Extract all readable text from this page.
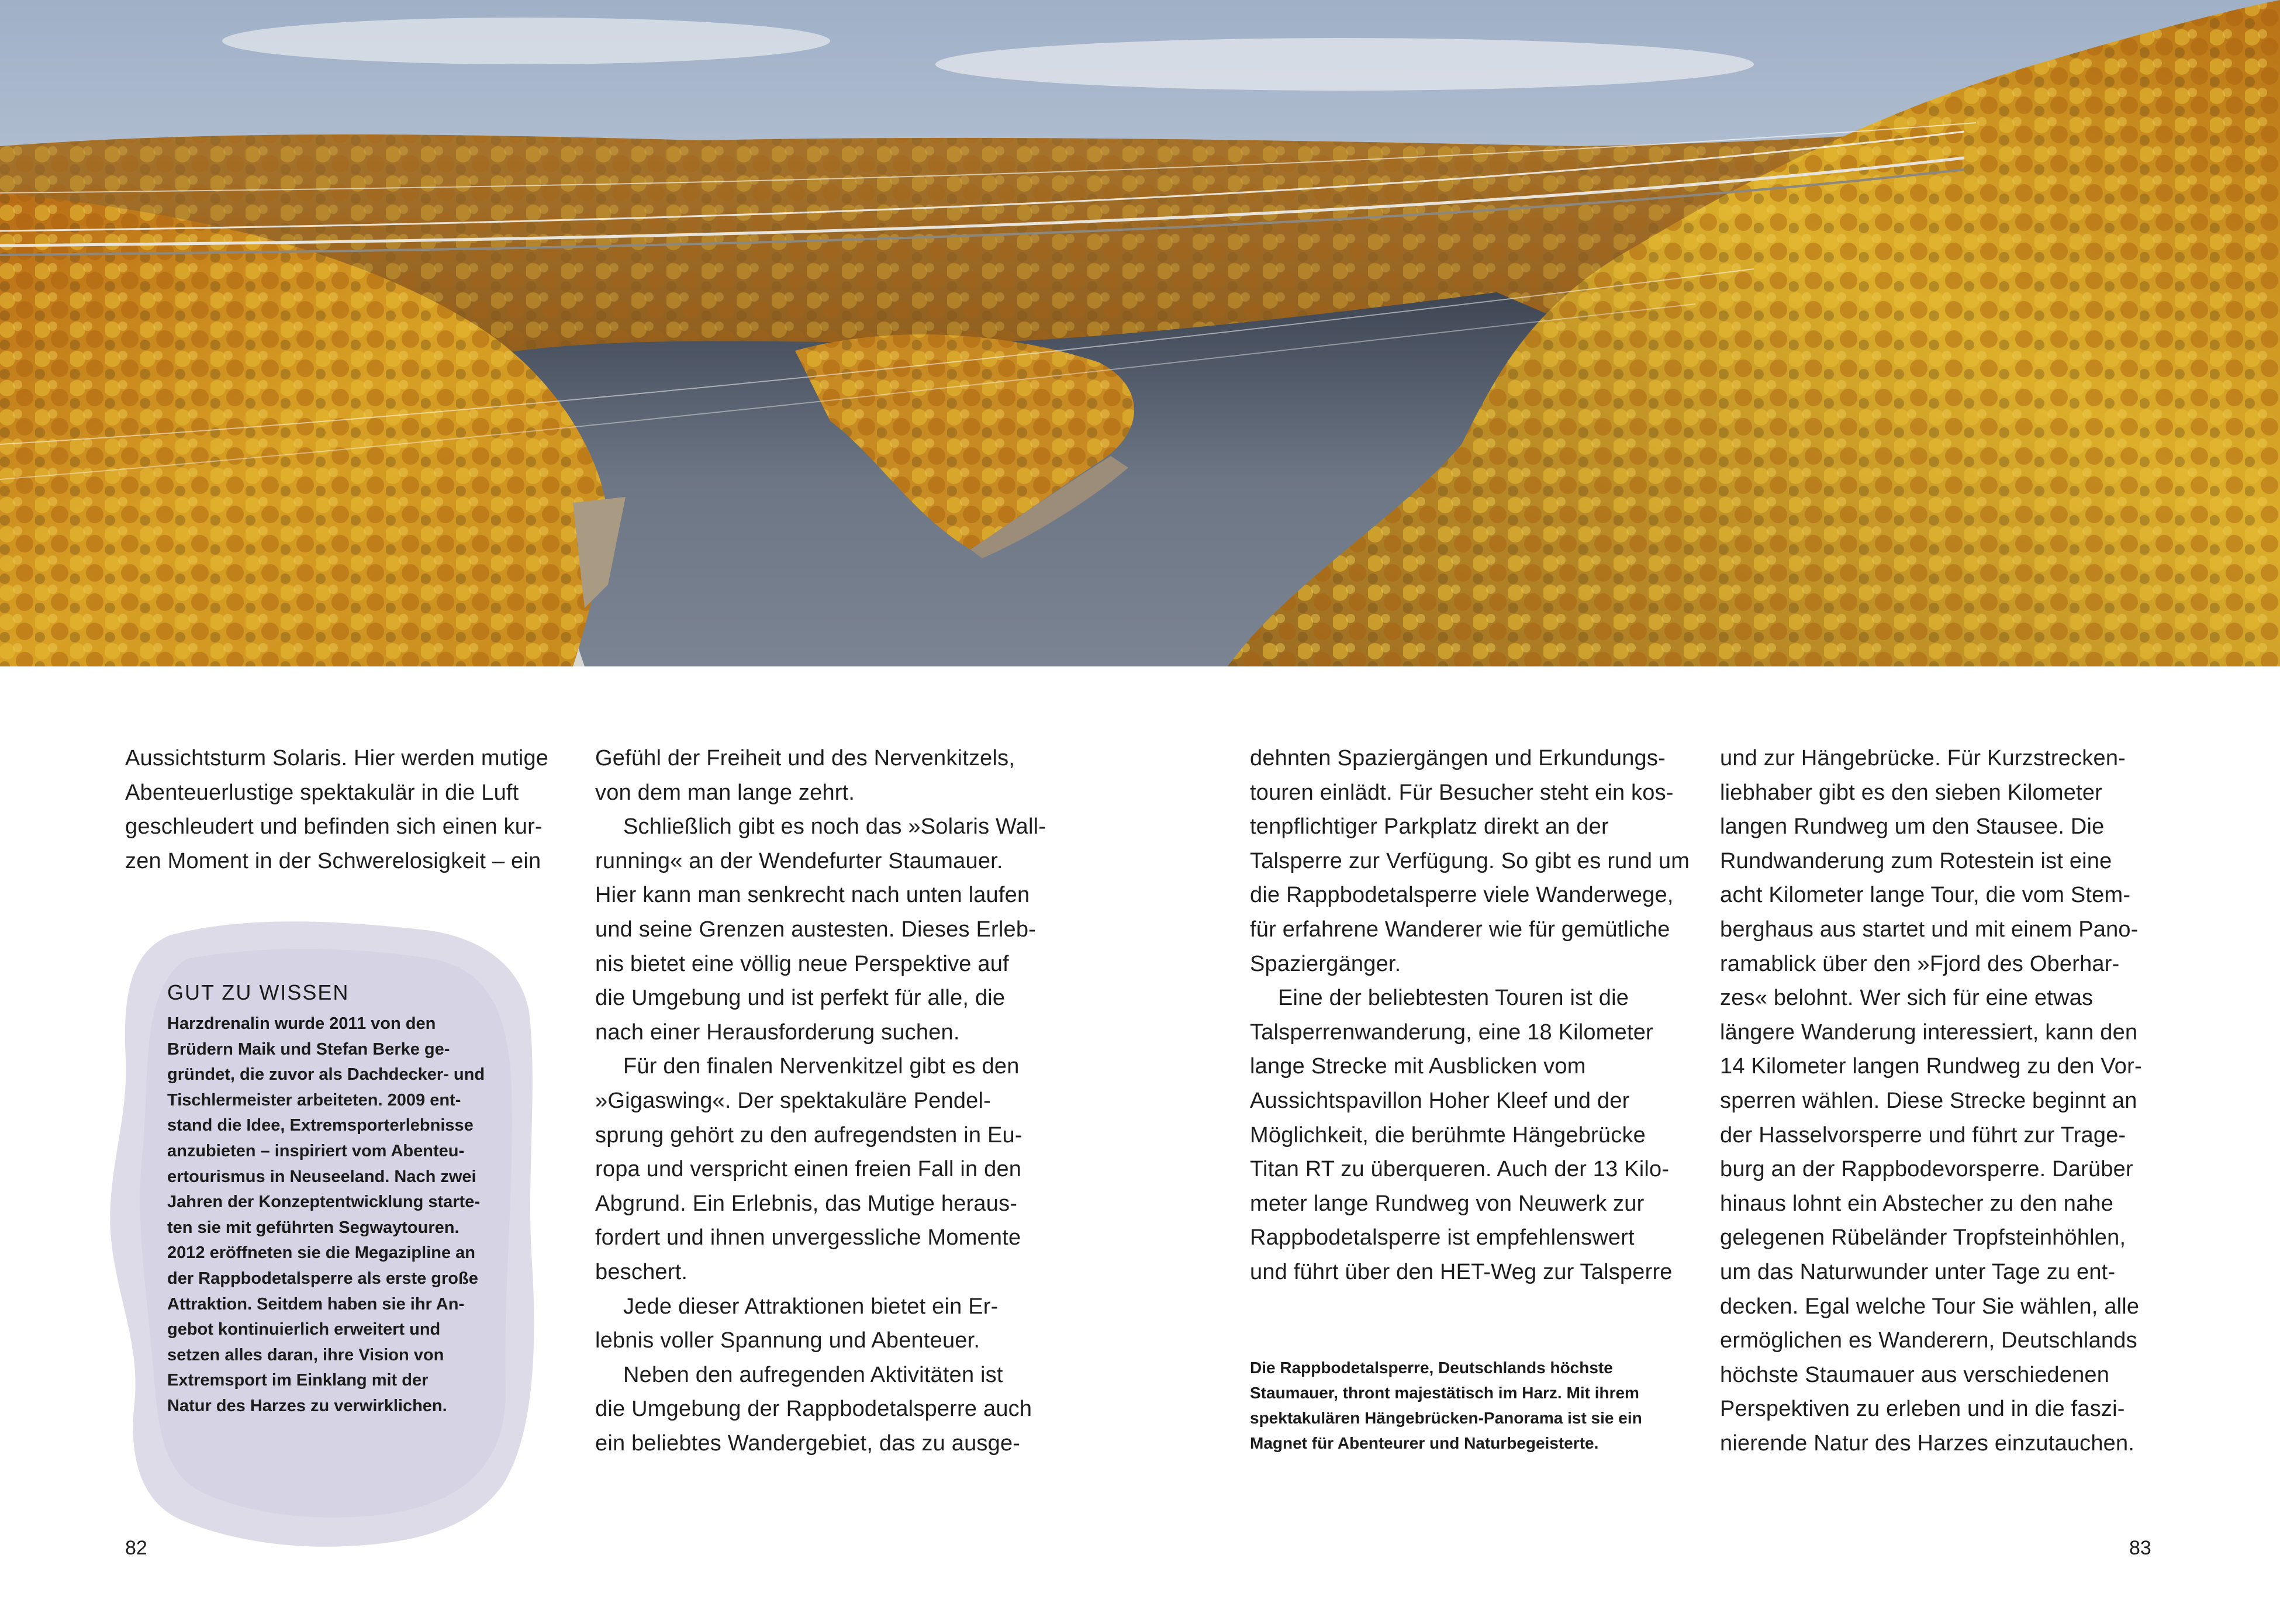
Aussichtsturm Solaris. Hier werden mutige

Abenteuerlustige spektakulär in die Luft

geschleudert und befinden sich einen kur-

zen Moment in der Schwerelosigkeit – ein

GUT ZU WISSEN

Harzdrenalin wurde 2011 von den

Brüdern Maik und Stefan Berke ge-

gründet, die zuvor als Dachdecker- und

Tischlermeister arbeiteten. 2009 ent-

stand die Idee, Extremsporterlebnisse

anzubieten – inspiriert vom Abenteu-

ertourismus in Neuseeland. Nach zwei

Jahren der Konzeptentwicklung starte-

ten sie mit geführten Segwaytouren.

2012 eröffneten sie die Megazipline an

der Rappbodetalsperre als erste große

Attraktion. Seitdem haben sie ihr An-

gebot kontinuierlich erweitert und

setzen alles daran, ihre Vision von

Extremsport im Einklang mit der

Natur des Harzes zu verwirklichen.

Gefühl der Freiheit und des Nervenkitzels,

von dem man lange zehrt.

Schließlich gibt es noch das »Solaris Wall-

running« an der Wendefurter Staumauer.

Hier kann man senkrecht nach unten laufen

und seine Grenzen austesten. Dieses Erleb-

nis bietet eine völlig neue Perspektive auf

die Umgebung und ist perfekt für alle, die

nach einer Herausforderung suchen.

Für den finalen Nervenkitzel gibt es den

»Gigaswing«. Der spektakuläre Pendel-

sprung gehört zu den aufregendsten in Eu-

ropa und verspricht einen freien Fall in den

Abgrund. Ein Erlebnis, das Mutige heraus-

fordert und ihnen unvergessliche Momente

beschert.

Jede dieser Attraktionen bietet ein Er-

lebnis voller Spannung und Abenteuer.

Neben den aufregenden Aktivitäten ist

die Umgebung der Rappbodetalsperre auch

ein beliebtes Wandergebiet, das zu ausge-

dehnten Spaziergängen und Erkundungs-

touren einlädt. Für Besucher steht ein kos-

tenpflichtiger Parkplatz direkt an der

Talsperre zur Verfügung. So gibt es rund um

die Rappbodetalsperre viele Wanderwege,

für erfahrene Wanderer wie für gemütliche

Spaziergänger.

Eine der beliebtesten Touren ist die

Talsperrenwanderung, eine 18 Kilometer

lange Strecke mit Ausblicken vom

Aussichtspavillon Hoher Kleef und der

Möglichkeit, die berühmte Hängebrücke

Titan RT zu überqueren. Auch der 13 Kilo-

meter lange Rundweg von Neuwerk zur

Rappbodetalsperre ist empfehlenswert

und führt über den HET-Weg zur Talsperre

Die Rappbodetalsperre, Deutschlands höchste

Staumauer, thront majestätisch im Harz. Mit ihrem

spektakulären Hängebrücken-Panorama ist sie ein

Magnet für Abenteurer und Naturbegeisterte.

und zur Hängebrücke. Für Kurzstrecken-

liebhaber gibt es den sieben Kilometer

langen Rundweg um den Stausee. Die

Rundwanderung zum Rotestein ist eine

acht Kilometer lange Tour, die vom Stem-

berghaus aus startet und mit einem Pano-

ramablick über den »Fjord des Oberhar-

zes« belohnt. Wer sich für eine etwas

längere Wanderung interessiert, kann den

14 Kilometer langen Rundweg zu den Vor-

sperren wählen. Diese Strecke beginnt an

der Hasselvorsperre und führt zur Trage-

burg an der Rappbodevorsperre. Darüber

hinaus lohnt ein Abstecher zu den nahe

gelegenen Rübeländer Tropfsteinhöhlen,

um das Naturwunder unter Tage zu ent-

decken. Egal welche Tour Sie wählen, alle

ermöglichen es Wanderern, Deutschlands

höchste Staumauer aus verschiedenen

Perspektiven zu erleben und in die faszi-

nierende Natur des Harzes einzutauchen.

82	83
